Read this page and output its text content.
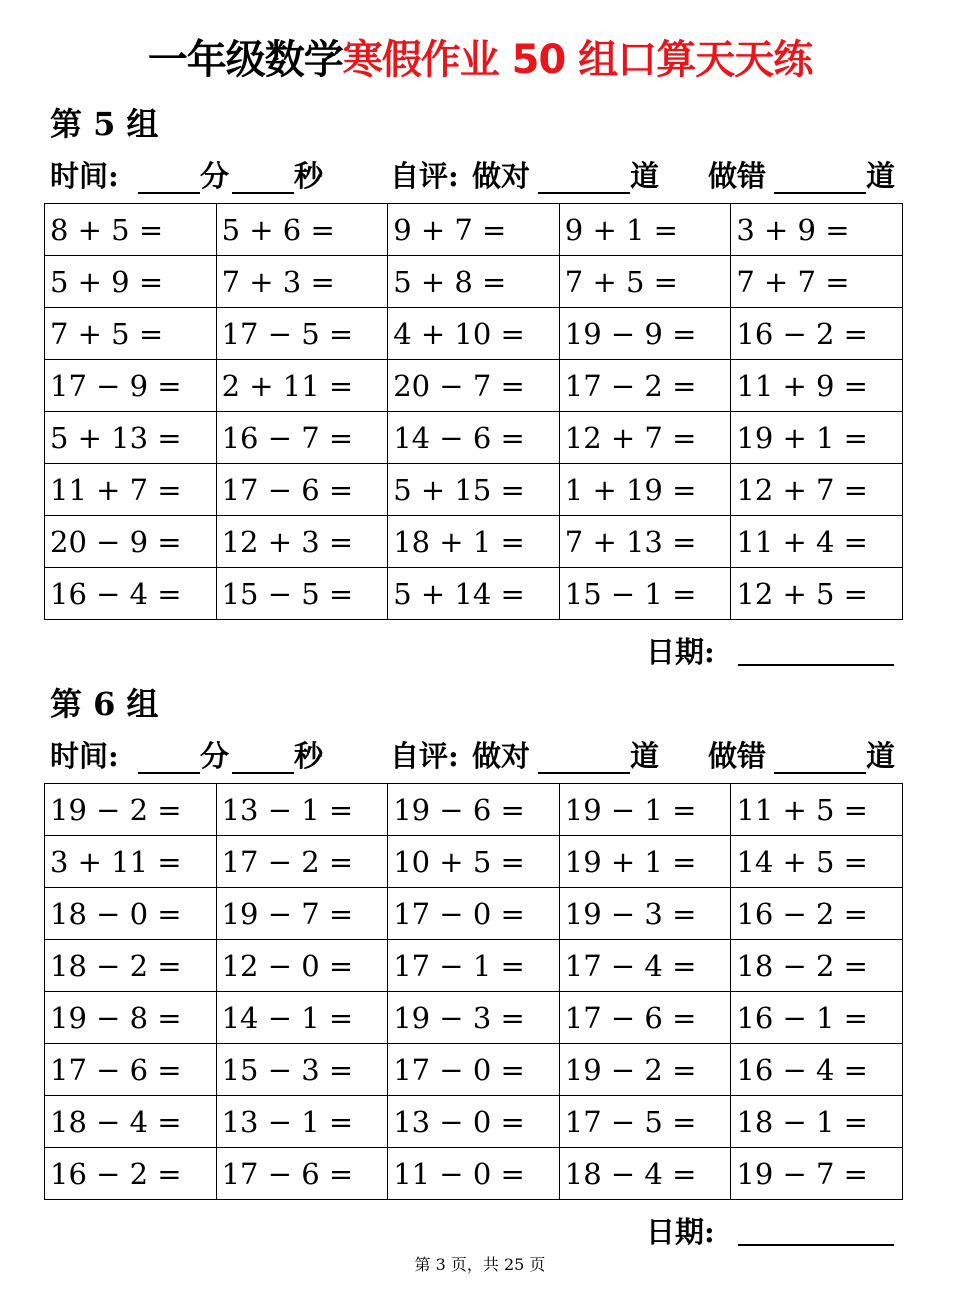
一年级数学寒假作业 50 组口算天天练
第 5 组
时间:	分 秒 自评: 做对	道 做错	道
8 + 5 =	5 + 6 =	9 + 7 =	9 + 1 =	3 + 9 =
5 + 9 =	7 + 3 =	5 + 8 =	7 + 5 =	7 + 7 =
7 + 5 =	17 − 5 =	4 + 10 =	19 − 9 =	16 − 2 =
17 − 9 =	2 + 11 =	20 − 7 =	17 − 2 =	11 + 9 =
5 + 13 =	16 − 7 =	14 − 6 =	12 + 7 =	19 + 1 =
11 + 7 =	17 − 6 =	5 + 15 =	1 + 19 =	12 + 7 =
20 − 9 =	12 + 3 =	18 + 1 =	7 + 13 =	11 + 4 =
16 − 4 =	15 − 5 =	5 + 14 =	15 − 1 =	12 + 5 =
日期:
第 6 组
时间:	分 秒 自评: 做对	道 做错	道
19 − 2 =	13 − 1 =	19 − 6 =	19 − 1 =	11 + 5 =
3 + 11 =	17 − 2 =	10 + 5 =	19 + 1 =	14 + 5 =
18 − 0 =	19 − 7 =	17 − 0 =	19 − 3 =	16 − 2 =
18 − 2 =	12 − 0 =	17 − 1 =	17 − 4 =	18 − 2 =
19 − 8 =	14 − 1 =	19 − 3 =	17 − 6 =	16 − 1 =
17 − 6 =	15 − 3 =	17 − 0 =	19 − 2 =	16 − 4 =
18 − 4 =	13 − 1 =	13 − 0 =	17 − 5 =	18 − 1 =
16 − 2 =	17 − 6 =	11 − 0 =	18 − 4 =	19 − 7 =
日期:
第 3 页，共 25 页
